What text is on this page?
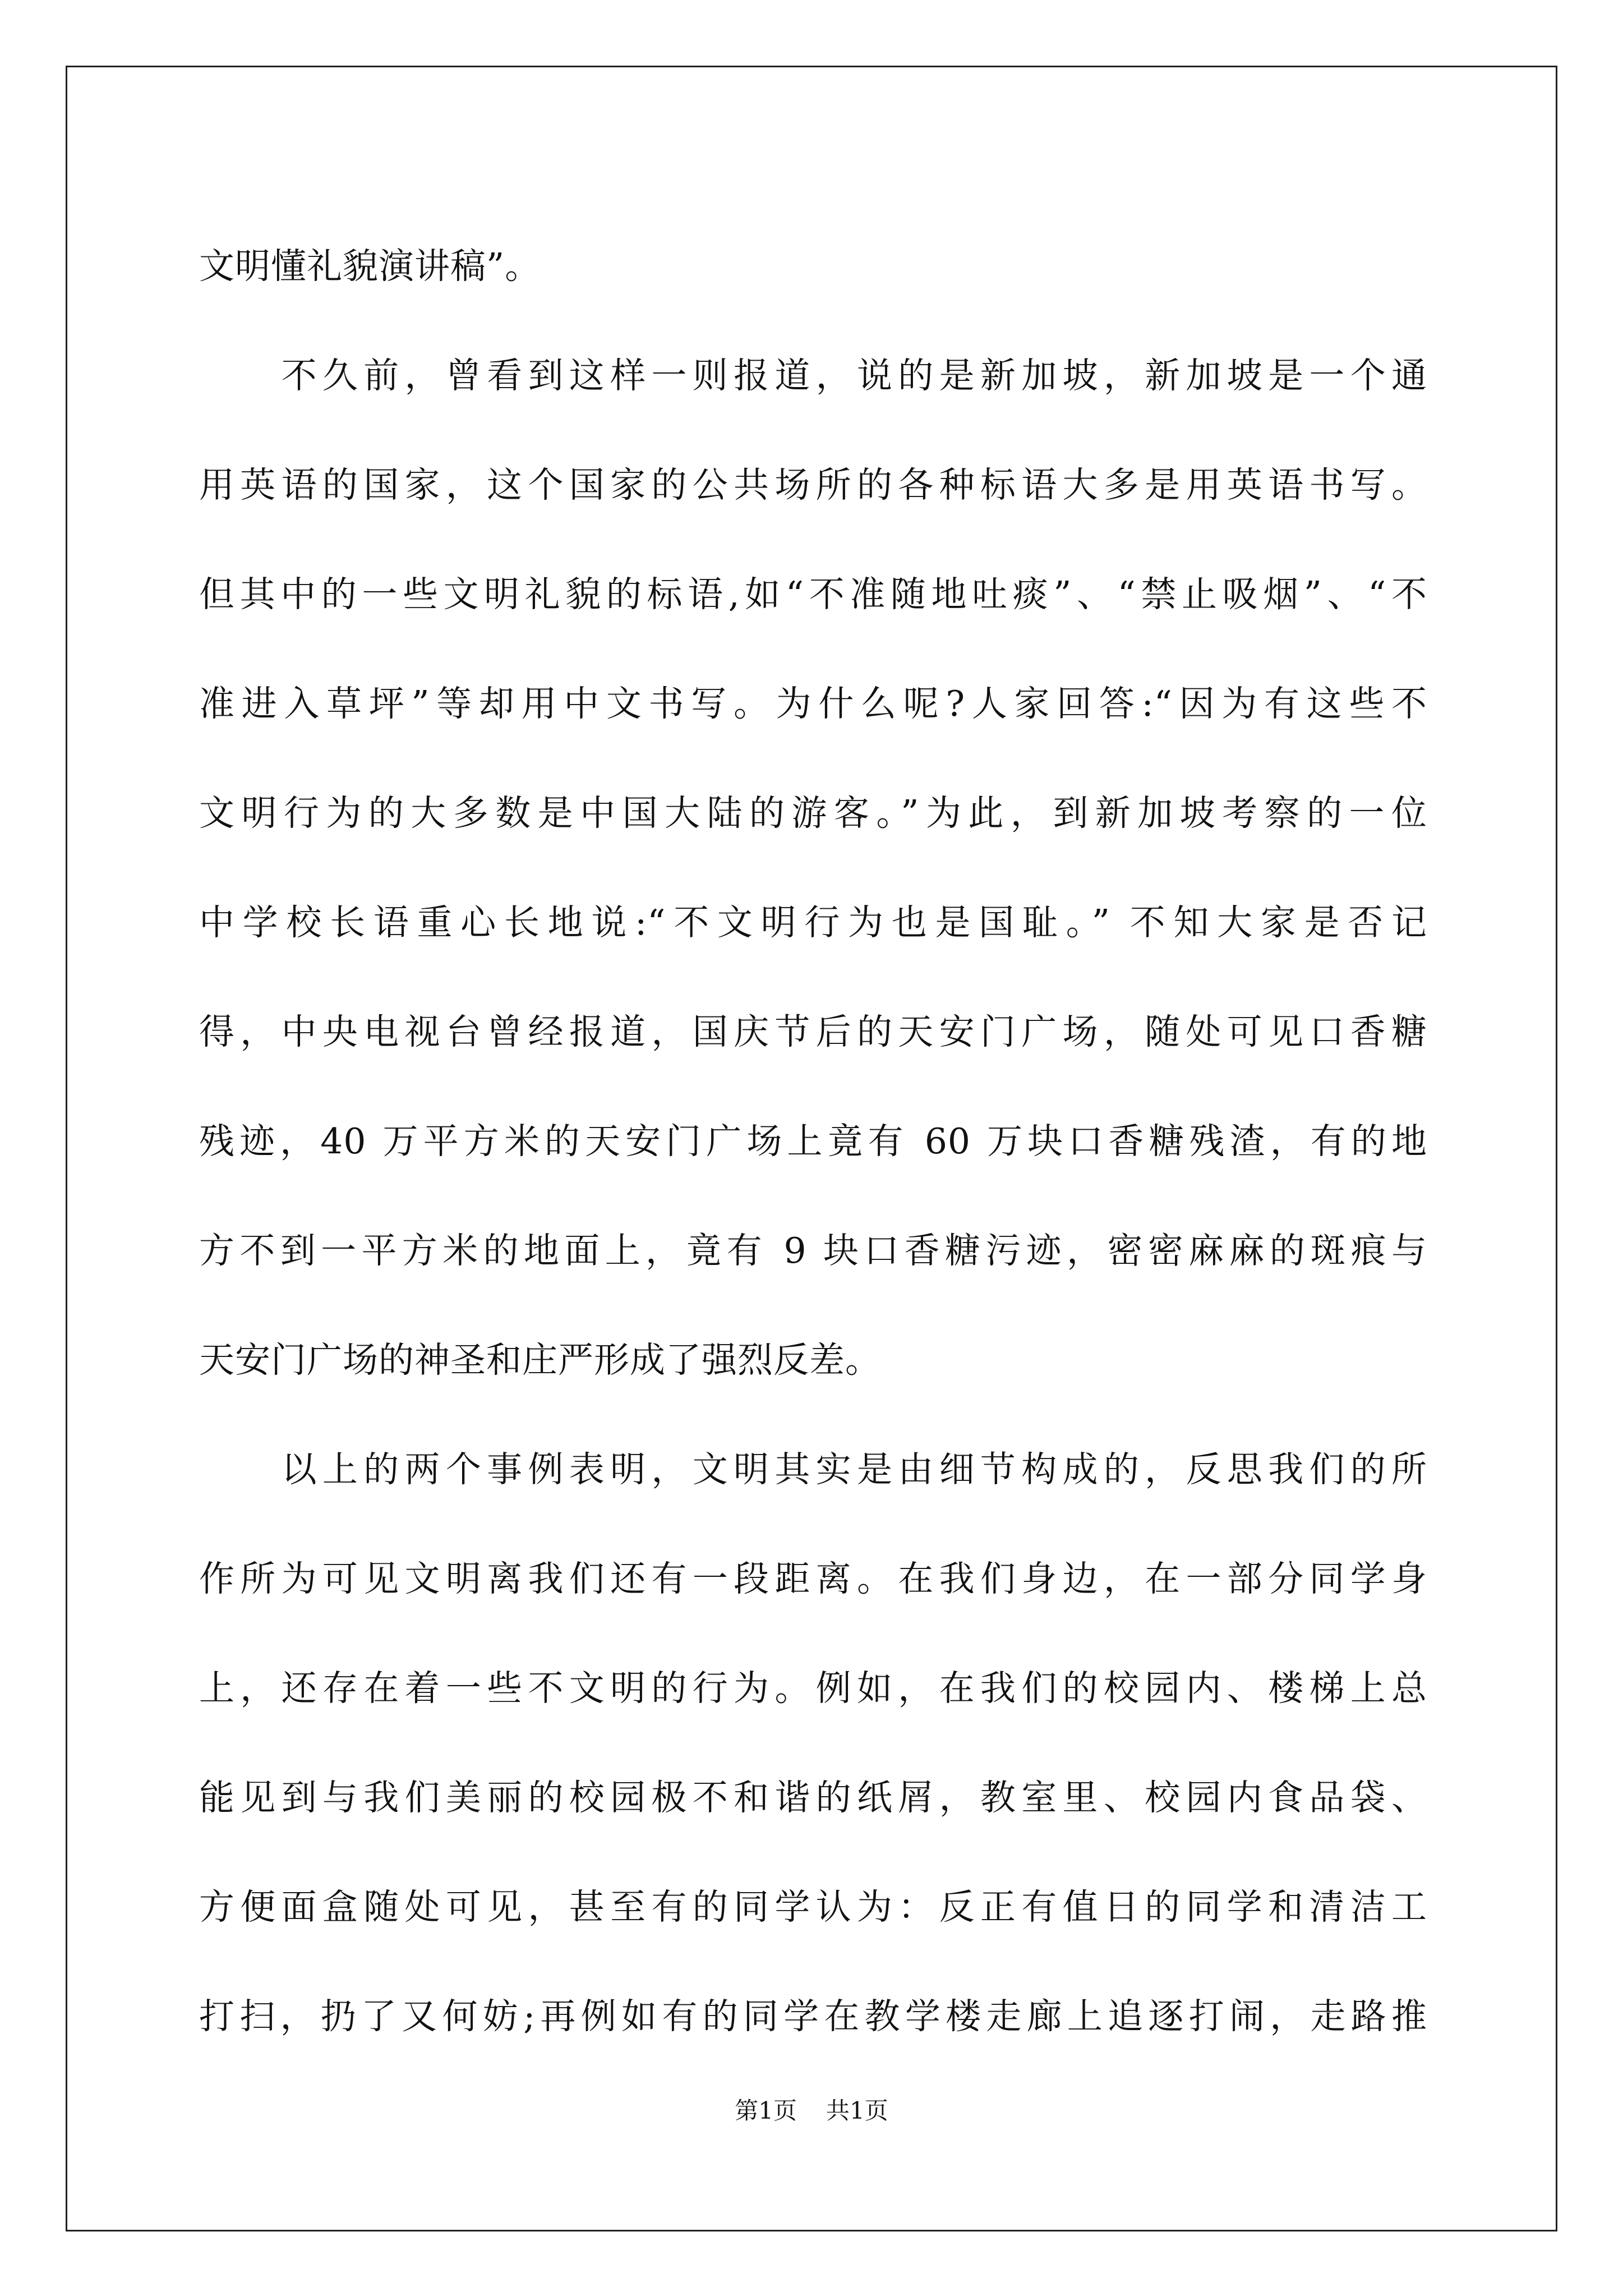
文明懂礼貌演讲稿”。
　　不久前，曾看到这样一则报道，说的是新加坡，新加坡是一个通
用英语的国家，这个国家的公共场所的各种标语大多是用英语书写。
但其中的一些文明礼貌的标语,如“不准随地吐痰”、“禁止吸烟”、“不
准进入草坪”等却用中文书写。为什么呢?人家回答:“因为有这些不
文明行为的大多数是中国大陆的游客。”为此，到新加坡考察的一位
中学校长语重心长地说:“不文明行为也是国耻。” 不知大家是否记
得，中央电视台曾经报道，国庆节后的天安门广场，随处可见口香糖
残迹，40 万平方米的天安门广场上竟有 60 万块口香糖残渣，有的地
方不到一平方米的地面上，竟有 9 块口香糖污迹，密密麻麻的斑痕与
天安门广场的神圣和庄严形成了强烈反差。
　　以上的两个事例表明，文明其实是由细节构成的，反思我们的所
作所为可见文明离我们还有一段距离。在我们身边，在一部分同学身
上，还存在着一些不文明的行为。例如，在我们的校园内、楼梯上总
能见到与我们美丽的校园极不和谐的纸屑，教室里、校园内食品袋、
方便面盒随处可见，甚至有的同学认为：反正有值日的同学和清洁工
打扫，扔了又何妨;再例如有的同学在教学楼走廊上追逐打闹，走路推
第1页 共1页
